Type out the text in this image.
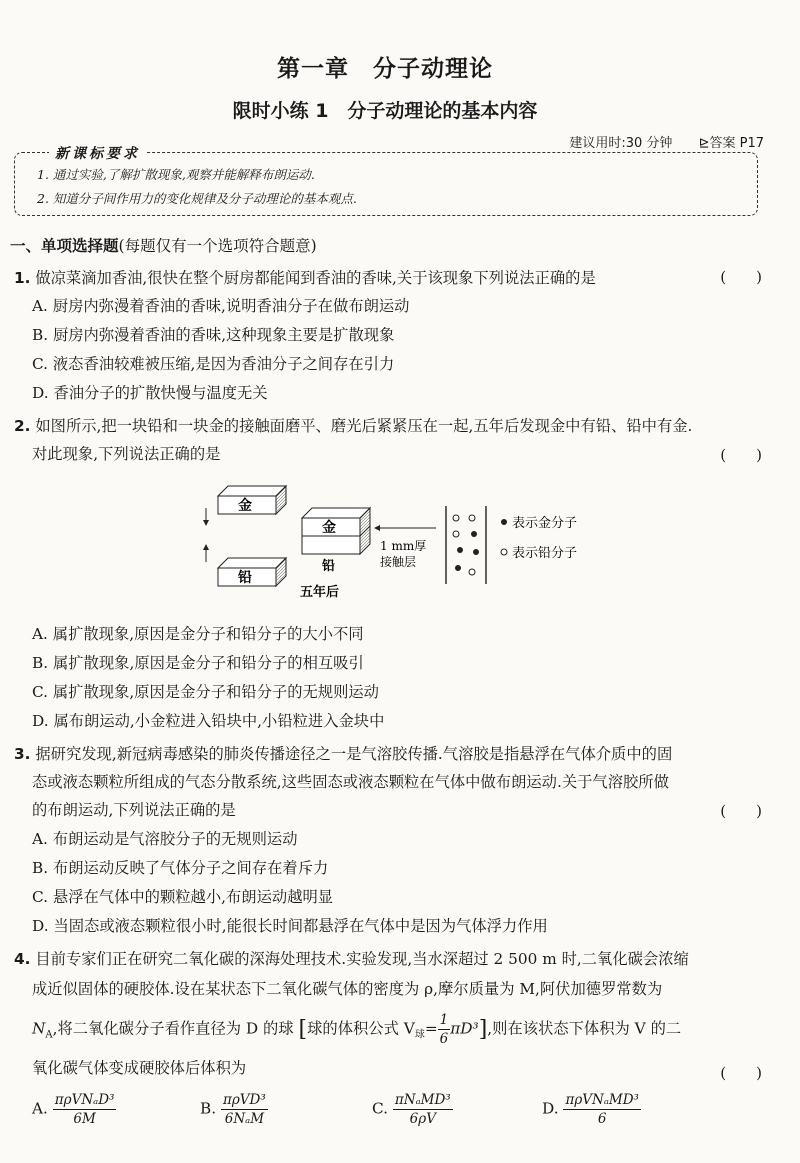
第一章　分子动理论
限时小练 1　分子动理论的基本内容
建议用时:30 分钟 ⊵答案 P17
新课标要求
1. 通过实验,了解扩散现象,观察并能解释布朗运动.
2. 知道分子间作用力的变化规律及分子动理论的基本观点.
一、单项选择题(每题仅有一个选项符合题意)
1. 做凉菜滴加香油,很快在整个厨房都能闻到香油的香味,关于该现象下列说法正确的是	(　　)
A. 厨房内弥漫着香油的香味,说明香油分子在做布朗运动
B. 厨房内弥漫着香油的香味,这种现象主要是扩散现象
C. 液态香油较难被压缩,是因为香油分子之间存在引力
D. 香油分子的扩散快慢与温度无关
2. 如图所示,把一块铅和一块金的接触面磨平、磨光后紧紧压在一起,五年后发现金中有铅、铅中有金.
对此现象,下列说法正确的是	(　　)
金
铅
金
铅
五年后
1 mm厚
接触层
表示金分子
表示铅分子
A. 属扩散现象,原因是金分子和铅分子的大小不同
B. 属扩散现象,原因是金分子和铅分子的相互吸引
C. 属扩散现象,原因是金分子和铅分子的无规则运动
D. 属布朗运动,小金粒进入铅块中,小铅粒进入金块中
3. 据研究发现,新冠病毒感染的肺炎传播途径之一是气溶胶传播.气溶胶是指悬浮在气体介质中的固
态或液态颗粒所组成的气态分散系统,这些固态或液态颗粒在气体中做布朗运动.关于气溶胶所做
的布朗运动,下列说法正确的是	(　　)
A. 布朗运动是气溶胶分子的无规则运动
B. 布朗运动反映了气体分子之间存在着斥力
C. 悬浮在气体中的颗粒越小,布朗运动越明显
D. 当固态或液态颗粒很小时,能很长时间都悬浮在气体中是因为气体浮力作用
4. 目前专家们正在研究二氧化碳的深海处理技术.实验发现,当水深超过 2 500 m 时,二氧化碳会浓缩
成近似固体的硬胶体.设在某状态下二氧化碳气体的密度为 ρ,摩尔质量为 M,阿伏加德罗常数为
$N_A$,将二氧化碳分子看作直径为 D 的球 [球的体积公式 $V_球= \frac{1}{6} \pi D^3$],则在该状态下体积为 V 的二
氧化碳气体变成硬胶体后体积为	(　　)
A. $\frac{\text{πρVNₐD³}}{6M}$	B. $\frac{\text{πρVD³}}{\text{6NₐM}}$	C. $\frac{\text{πNₐMD³}}{6\rho V}$	D. $\frac{\text{πρVNₐMD³}}{6}$
